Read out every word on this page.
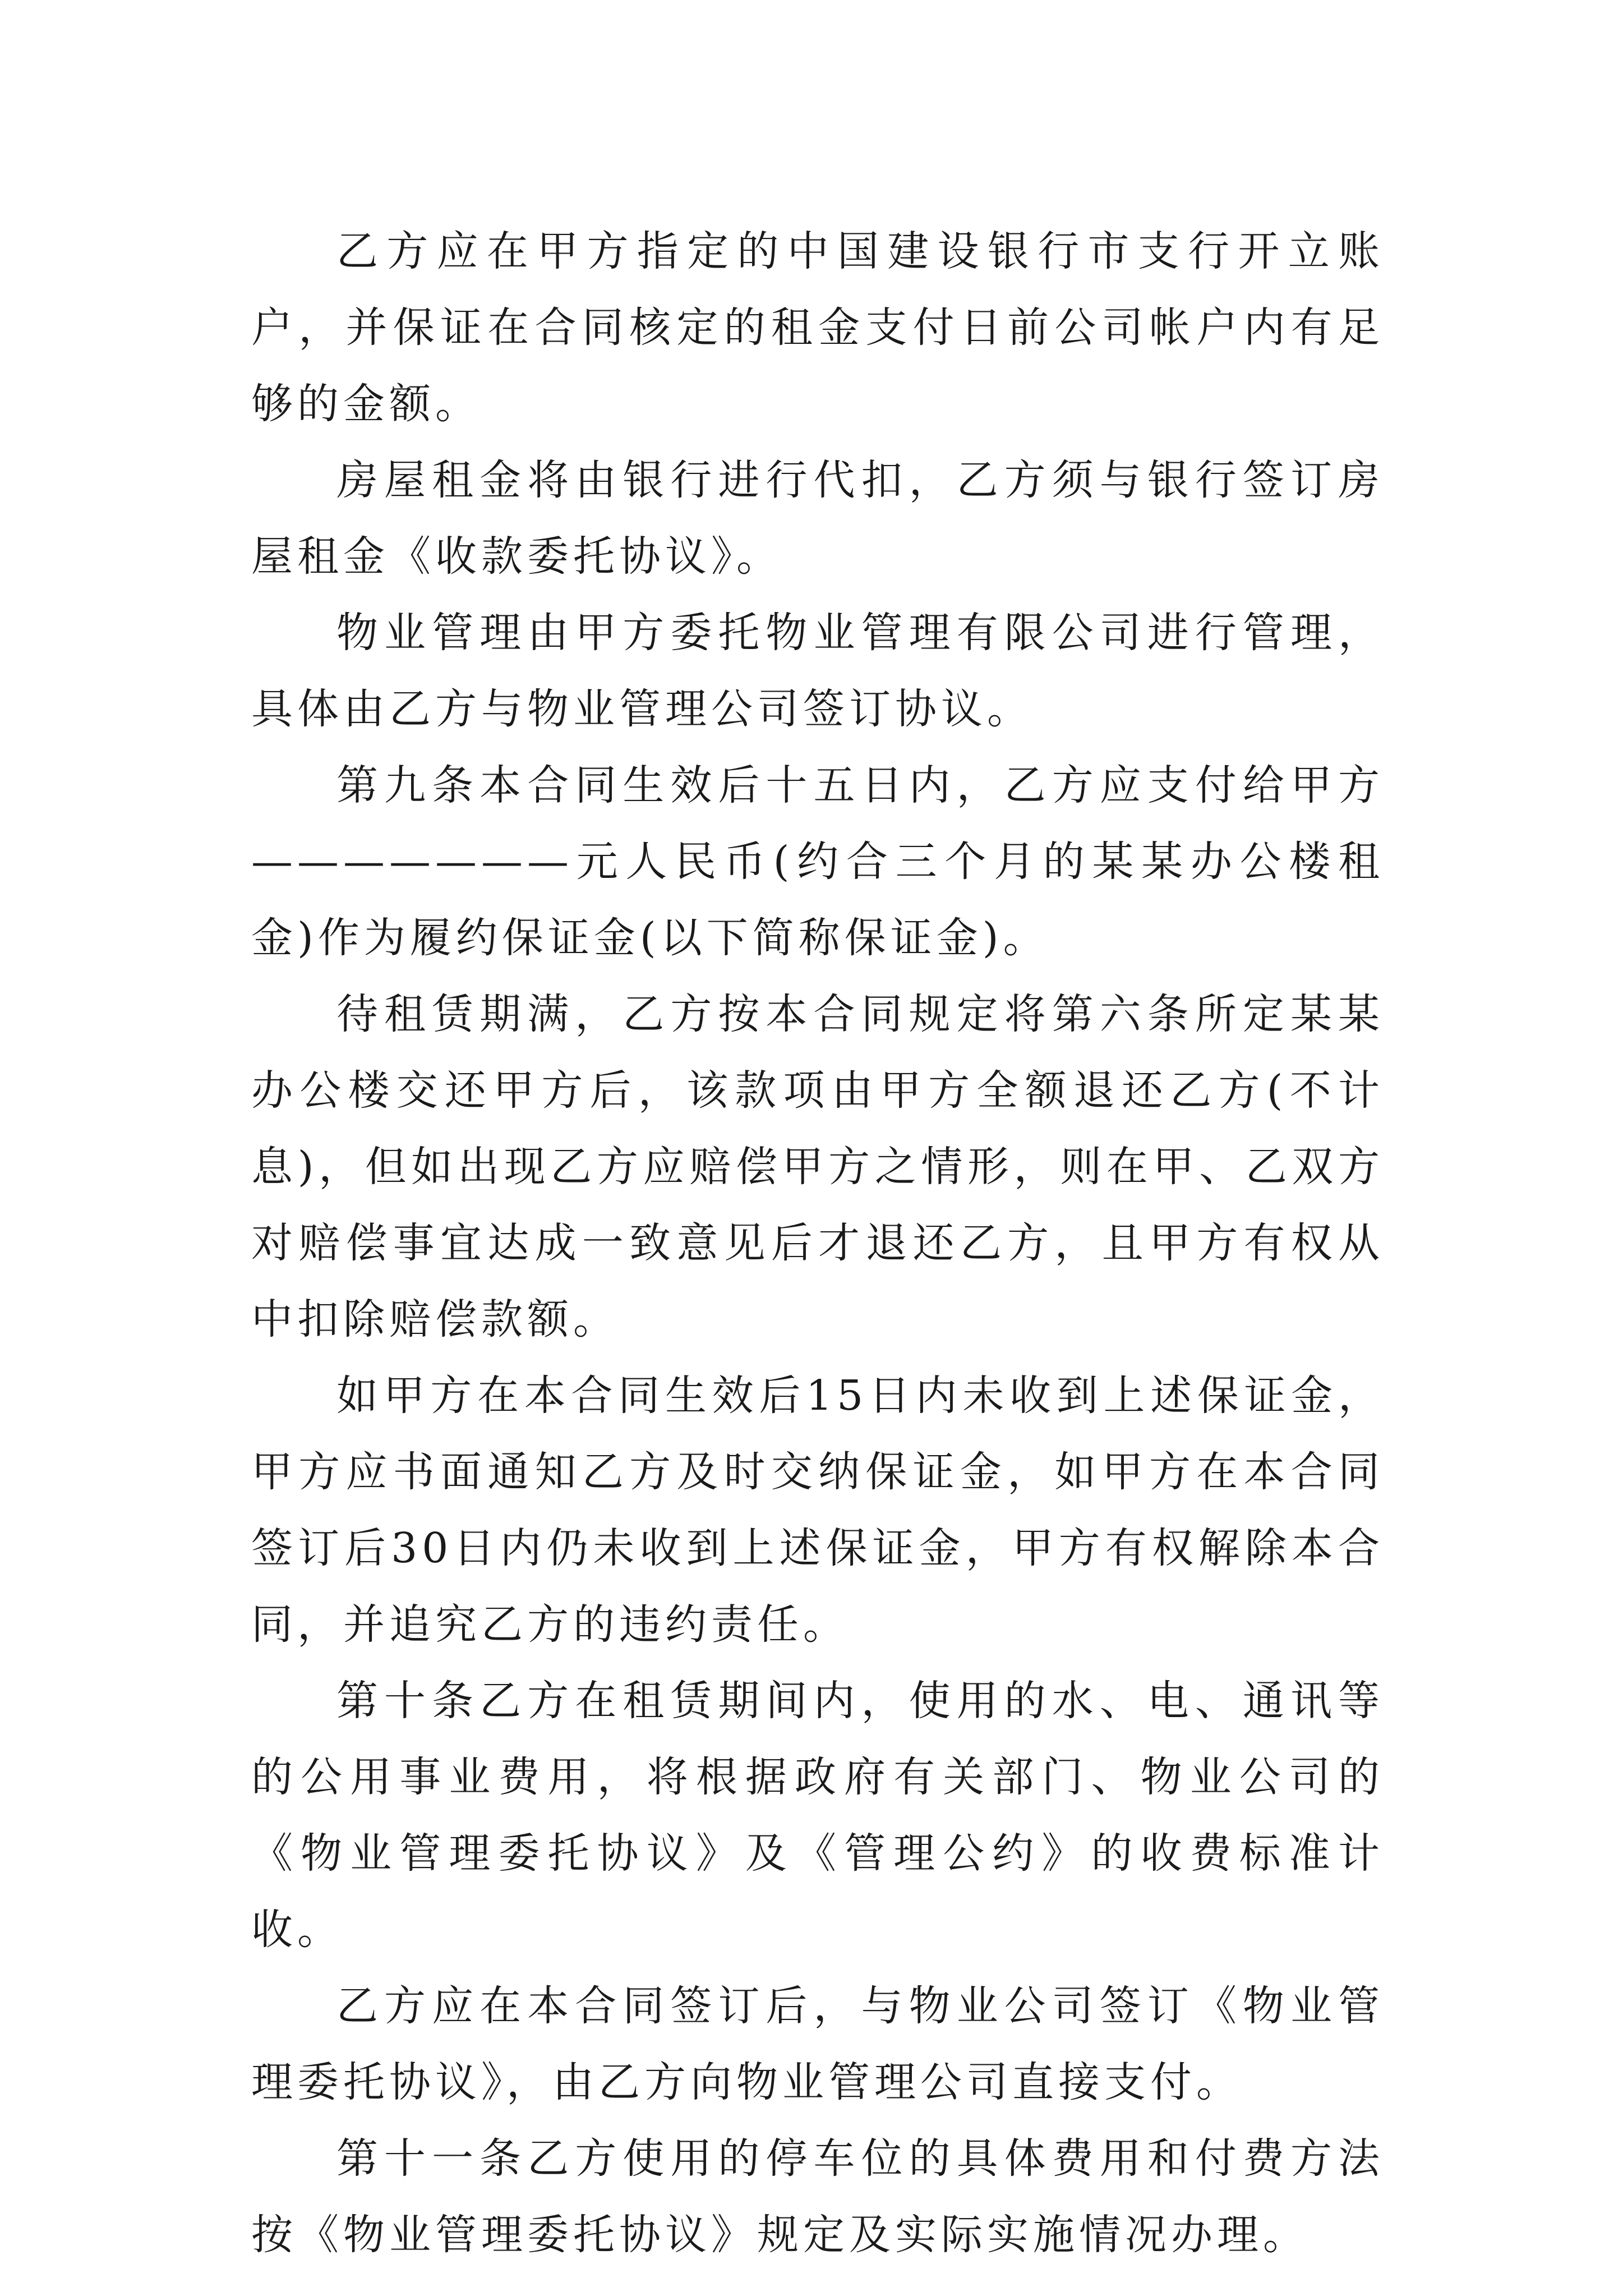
乙方应在甲方指定的中国建设银行市支行开立账户，并保证在合同核定的租金支付日前公司帐户内有足够的金额。

房屋租金将由银行进行代扣，乙方须与银行签订房屋租金《收款委托协议》。

物业管理由甲方委托物业管理有限公司进行管理，具体由乙方与物业管理公司签订协议。

第九条本合同生效后十五日内，乙方应支付给甲方———————元人民币(约合三个月的某某办公楼租金)作为履约保证金(以下简称保证金)。

待租赁期满，乙方按本合同规定将第六条所定某某办公楼交还甲方后，该款项由甲方全额退还乙方(不计息)，但如出现乙方应赔偿甲方之情形，则在甲、乙双方对赔偿事宜达成一致意见后才退还乙方，且甲方有权从中扣除赔偿款额。

如甲方在本合同生效后15日内未收到上述保证金，甲方应书面通知乙方及时交纳保证金，如甲方在本合同签订后30日内仍未收到上述保证金，甲方有权解除本合同，并追究乙方的违约责任。

第十条乙方在租赁期间内，使用的水、电、通讯等的公用事业费用，将根据政府有关部门、物业公司的《物业管理委托协议》及《管理公约》的收费标准计收。

乙方应在本合同签订后，与物业公司签订《物业管理委托协议》，由乙方向物业管理公司直接支付。

第十一条乙方使用的停车位的具体费用和付费方法按《物业管理委托协议》规定及实际实施情况办理。
